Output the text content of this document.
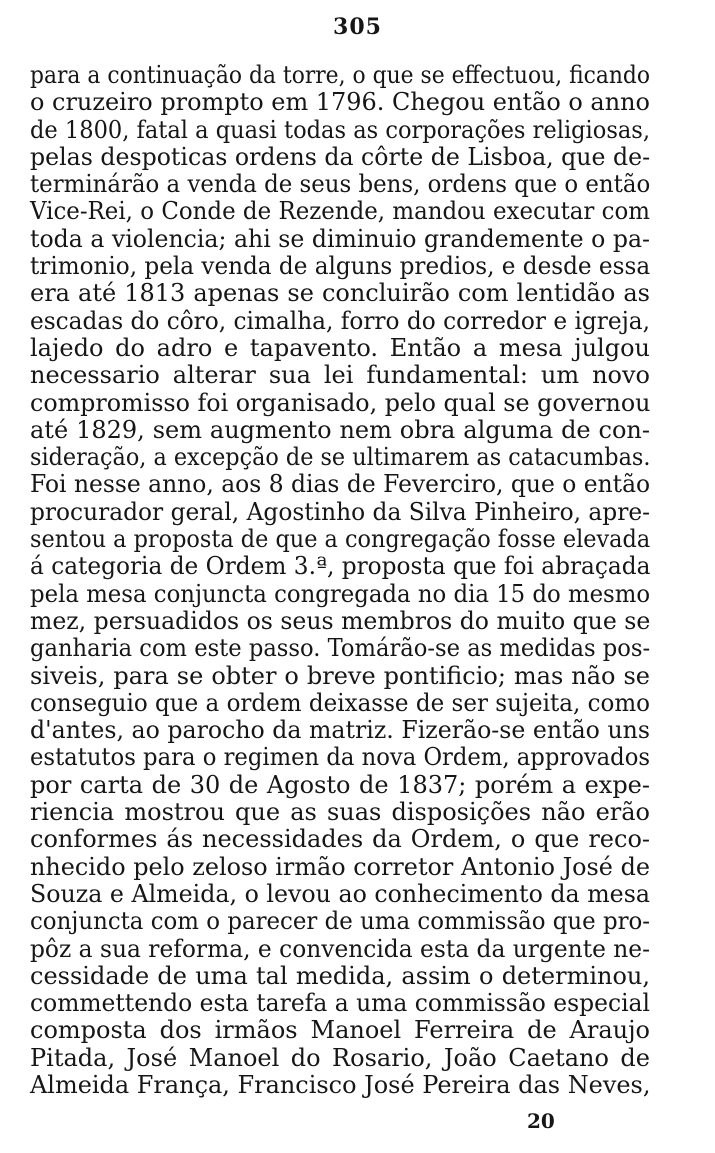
305

para a continuação da torre, o que se effectuou, ficando
o cruzeiro prompto em 1796. Chegou então o anno
de 1800, fatal a quasi todas as corporações religiosas,
pelas despoticas ordens da côrte de Lisboa, que de-
terminárão a venda de seus bens, ordens que o então
Vice-Rei, o Conde de Rezende, mandou executar com
toda a violencia; ahi se diminuio grandemente o pa-
trimonio, pela venda de alguns predios, e desde essa
era até 1813 apenas se concluirão com lentidão as
escadas do côro, cimalha, forro do corredor e igreja,
lajedo do adro e tapavento. Então a mesa julgou
necessario alterar sua lei fundamental: um novo
compromisso foi organisado, pelo qual se governou
até 1829, sem augmento nem obra alguma de con-
sideração, a excepção de se ultimarem as catacumbas.
Foi nesse anno, aos 8 dias de Feverciro, que o então
procurador geral, Agostinho da Silva Pinheiro, apre-
sentou a proposta de que a congregação fosse elevada
á categoria de Ordem 3.ª, proposta que foi abraçada
pela mesa conjuncta congregada no dia 15 do mesmo
mez, persuadidos os seus membros do muito que se
ganharia com este passo. Tomárão-se as medidas pos-
siveis, para se obter o breve pontificio; mas não se
conseguio que a ordem deixasse de ser sujeita, como
d'antes, ao parocho da matriz. Fizerão-se então uns
estatutos para o regimen da nova Ordem, approvados
por carta de 30 de Agosto de 1837; porém a expe-
riencia mostrou que as suas disposições não erão
conformes ás necessidades da Ordem, o que reco-
nhecido pelo zeloso irmão corretor Antonio José de
Souza e Almeida, o levou ao conhecimento da mesa
conjuncta com o parecer de uma commissão que pro-
pôz a sua reforma, e convencida esta da urgente ne-
cessidade de uma tal medida, assim o determinou,
commettendo esta tarefa a uma commissão especial
composta dos irmãos Manoel Ferreira de Araujo
Pitada, José Manoel do Rosario, João Caetano de
Almeida França, Francisco José Pereira das Neves,

20
